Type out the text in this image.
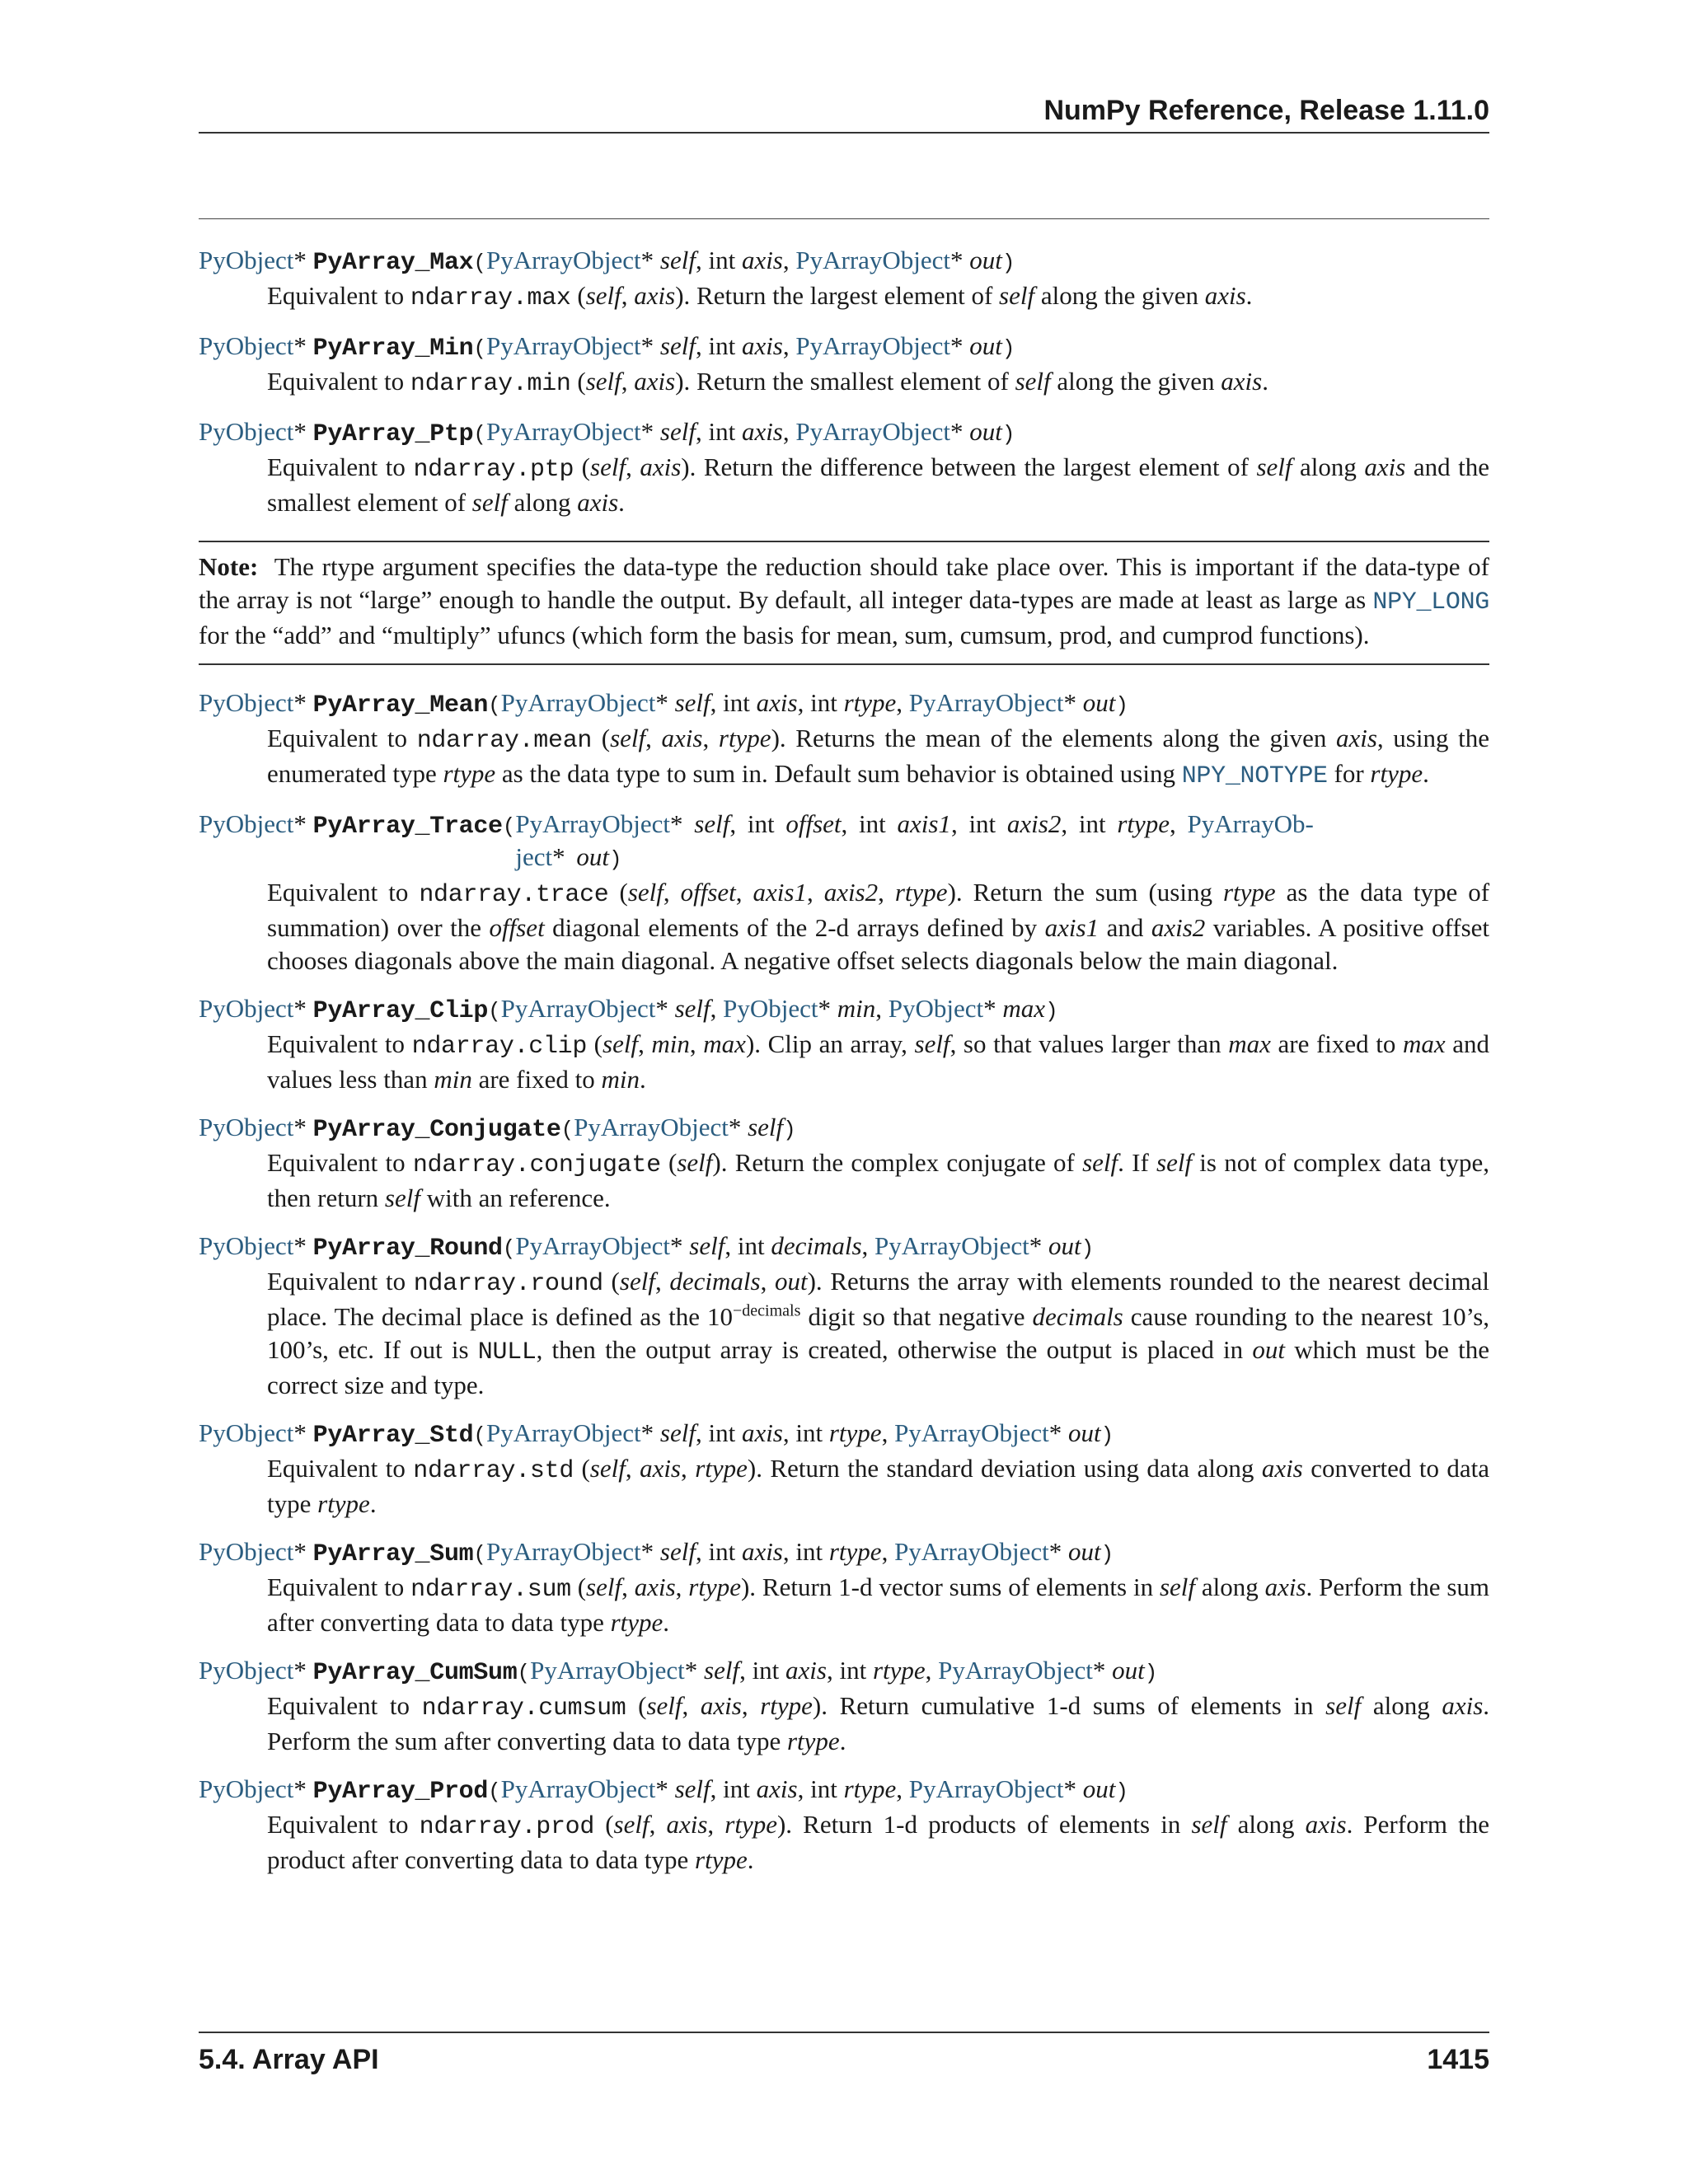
NumPy Reference, Release 1.11.0
PyObject* PyArray_Max(PyArrayObject* self, int axis, PyArrayObject* out)
Equivalent to ndarray.max (self, axis). Return the largest element of self along the given axis.
PyObject* PyArray_Min(PyArrayObject* self, int axis, PyArrayObject* out)
Equivalent to ndarray.min (self, axis). Return the smallest element of self along the given axis.
PyObject* PyArray_Ptp(PyArrayObject* self, int axis, PyArrayObject* out)
Equivalent to ndarray.ptp (self, axis). Return the difference between the largest element of self along axis and the smallest element of self along axis.
Note: The rtype argument specifies the data-type the reduction should take place over. This is important if the data-type of the array is not “large” enough to handle the output. By default, all integer data-types are made at least as large as NPY_LONG for the “add” and “multiply” ufuncs (which form the basis for mean, sum, cumsum, prod, and cumprod functions).
PyObject* PyArray_Mean(PyArrayObject* self, int axis, int rtype, PyArrayObject* out)
Equivalent to ndarray.mean (self, axis, rtype). Returns the mean of the elements along the given axis, using the enumerated type rtype as the data type to sum in. Default sum behavior is obtained using NPY_NOTYPE for rtype.
PyObject* PyArray_Trace( PyArrayObject* self, int offset, int axis1, int axis2, int rtype, PyArrayOb-
ject* out)
Equivalent to ndarray.trace (self, offset, axis1, axis2, rtype). Return the sum (using rtype as the data type of summation) over the offset diagonal elements of the 2-d arrays defined by axis1 and axis2 variables. A positive offset chooses diagonals above the main diagonal. A negative offset selects diagonals below the main diagonal.
PyObject* PyArray_Clip(PyArrayObject* self, PyObject* min, PyObject* max)
Equivalent to ndarray.clip (self, min, max). Clip an array, self, so that values larger than max are fixed to max and values less than min are fixed to min.
PyObject* PyArray_Conjugate(PyArrayObject* self)
Equivalent to ndarray.conjugate (self). Return the complex conjugate of self. If self is not of complex data type, then return self with an reference.
PyObject* PyArray_Round(PyArrayObject* self, int decimals, PyArrayObject* out)
Equivalent to ndarray.round (self, decimals, out). Returns the array with elements rounded to the nearest decimal place. The decimal place is defined as the $10^{-decimals}$ digit so that negative decimals cause rounding to the nearest 10’s, 100’s, etc. If out is NULL, then the output array is created, otherwise the output is placed in out which must be the correct size and type.
PyObject* PyArray_Std(PyArrayObject* self, int axis, int rtype, PyArrayObject* out)
Equivalent to ndarray.std (self, axis, rtype). Return the standard deviation using data along axis converted to data type rtype.
PyObject* PyArray_Sum(PyArrayObject* self, int axis, int rtype, PyArrayObject* out)
Equivalent to ndarray.sum (self, axis, rtype). Return 1-d vector sums of elements in self along axis. Perform the sum after converting data to data type rtype.
PyObject* PyArray_CumSum(PyArrayObject* self, int axis, int rtype, PyArrayObject* out)
Equivalent to ndarray.cumsum (self, axis, rtype). Return cumulative 1-d sums of elements in self along axis. Perform the sum after converting data to data type rtype.
PyObject* PyArray_Prod(PyArrayObject* self, int axis, int rtype, PyArrayObject* out)
Equivalent to ndarray.prod (self, axis, rtype). Return 1-d products of elements in self along axis. Perform the product after converting data to data type rtype.
5.4. Array API	1415
